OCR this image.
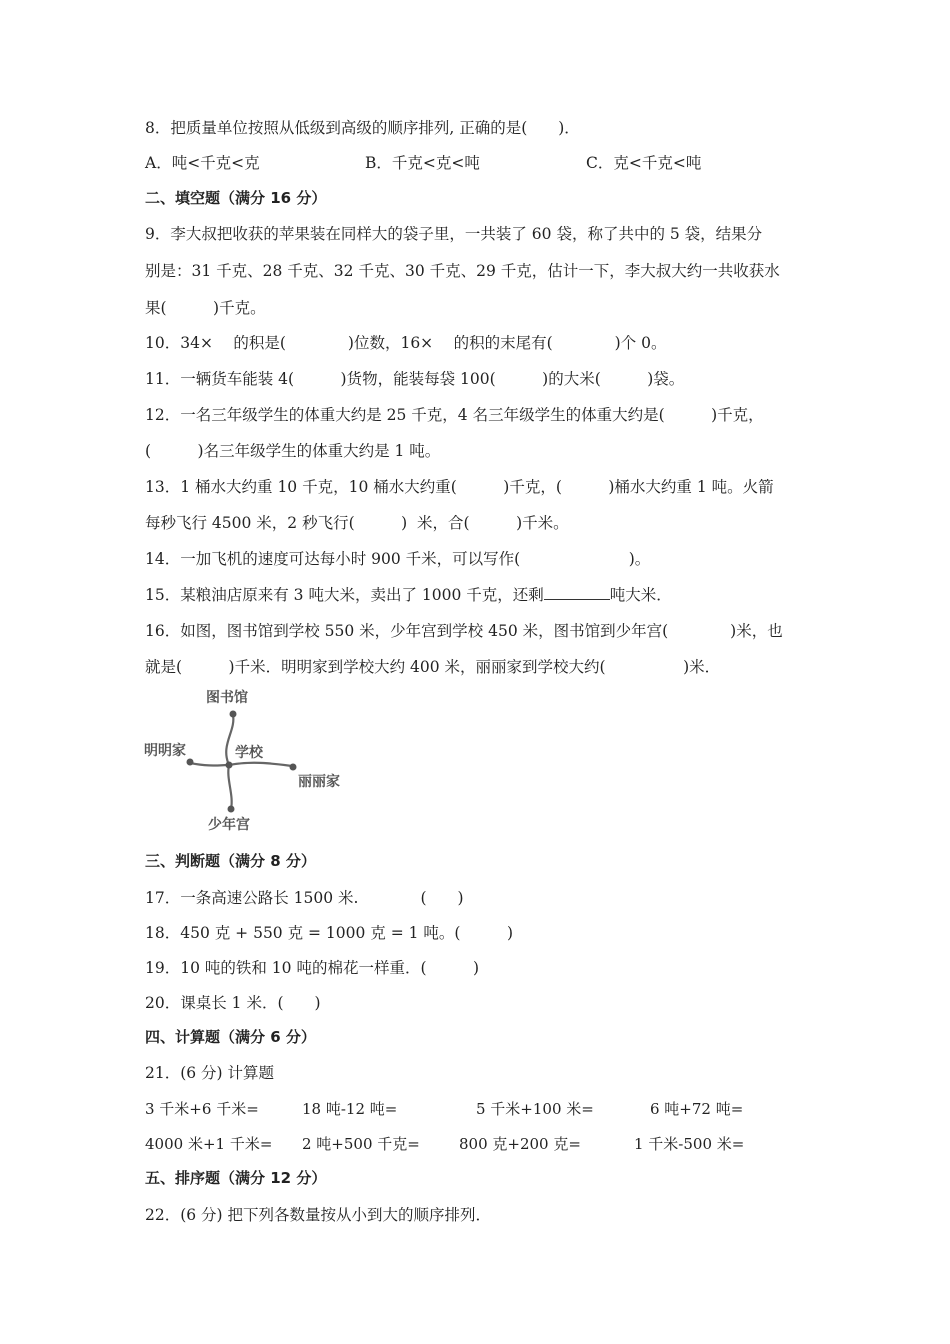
8．把质量单位按照从低级到高级的顺序排列, 正确的是(　　)．
A．吨<千克<克	B．千克<克<吨	C．克<千克<吨
二、填空题（满分 16 分）
9．李大叔把收获的苹果装在同样大的袋子里，一共装了 60 袋，称了共中的 5 袋，结果分
别是：31 千克、28 千克、32 千克、30 千克、29 千克，估计一下，李大叔大约一共收获水
果(　　　)千克。
10．34×　 的积是(　　　　)位数，16×　 的积的末尾有(　　　　)个 0。
11．一辆货车能装 4(　　　)货物，能装每袋 100(　　　)的大米(　　　)袋。
12．一名三年级学生的体重大约是 25 千克，4 名三年级学生的体重大约是(　　　)千克，
(　　　)名三年级学生的体重大约是 1 吨。
13．1 桶水大约重 10 千克，10 桶水大约重(　　　)千克，(　　　)桶水大约重 1 吨。火箭
每秒飞行 4500 米，2 秒飞行(　　　)  米，合(　　　)千米。
14．一加飞机的速度可达每小时 900 千米，可以写作(　　　　　　　)。
15．某粮油店原来有 3 吨大米，卖出了 1000 千克，还剩	吨大米．
16．如图，图书馆到学校 550 米，少年宫到学校 450 米，图书馆到少年宫(　　　　)米，也
就是(　　　)千米．明明家到学校大约 400 米，丽丽家到学校大约(　　　　　)米．
图书馆
明明家	学校
丽丽家
少年宫
三、判断题（满分 8 分）
17．一条高速公路长 1500 米.　　　　(　　)
18．450 克 + 550 克 = 1000 克 = 1 吨。(　　　)
19．10 吨的铁和 10 吨的棉花一样重．(　　　)
20．课桌长 1 米．(　　)
四、计算题（满分 6 分）
21．(6 分) 计算题
3 千米+6 千米=	18 吨-12 吨=	5 千米+100 米=	6 吨+72 吨=
4000 米+1 千米= 2 吨+500 千克=	800 克+200 克=	1 千米-500 米=
五、排序题（满分 12 分）
22．(6 分) 把下列各数量按从小到大的顺序排列．
